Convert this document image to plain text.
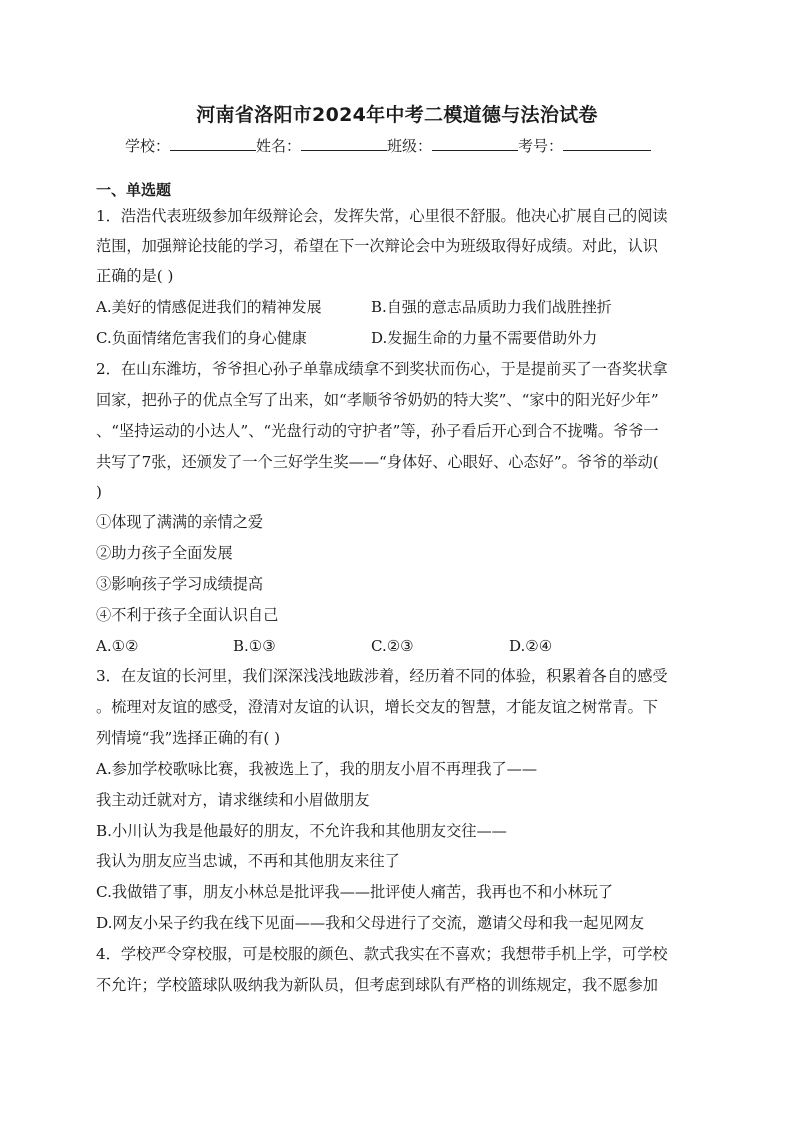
河南省洛阳市2024年中考二模道德与法治试卷
学校：	姓名：	班级：	考号：
一、单选题
1．浩浩代表班级参加年级辩论会，发挥失常，心里很不舒服。他决心扩展自己的阅读
范围，加强辩论技能的学习，希望在下一次辩论会中为班级取得好成绩。对此，认识
正确的是( )
A.美好的情感促进我们的精神发展	B.自强的意志品质助力我们战胜挫折
C.负面情绪危害我们的身心健康	D.发掘生命的力量不需要借助外力
2．在山东潍坊，爷爷担心孙子单靠成绩拿不到奖状而伤心，于是提前买了一沓奖状拿
回家，把孙子的优点全写了出来，如“孝顺爷爷奶奶的特大奖”、“家中的阳光好少年”
、“坚持运动的小达人”、“光盘行动的守护者”等，孙子看后开心到合不拢嘴。爷爷一
共写了7张，还颁发了一个三好学生奖——“身体好、心眼好、心态好”。爷爷的举动(
)
①体现了满满的亲情之爱
②助力孩子全面发展
③影响孩子学习成绩提高
④不利于孩子全面认识自己
A.①②	B.①③	C.②③	D.②④
3．在友谊的长河里，我们深深浅浅地跋涉着，经历着不同的体验，积累着各自的感受
。梳理对友谊的感受，澄清对友谊的认识，增长交友的智慧，才能友谊之树常青。下
列情境“我”选择正确的有( )
A.参加学校歌咏比赛，我被选上了，我的朋友小眉不再理我了——
我主动迁就对方，请求继续和小眉做朋友
B.小川认为我是他最好的朋友，不允许我和其他朋友交往——
我认为朋友应当忠诚，不再和其他朋友来往了
C.我做错了事，朋友小林总是批评我——批评使人痛苦，我再也不和小林玩了
D.网友小呆子约我在线下见面——我和父母进行了交流，邀请父母和我一起见网友
4．学校严令穿校服，可是校服的颜色、款式我实在不喜欢；我想带手机上学，可学校
不允许；学校篮球队吸纳我为新队员，但考虑到球队有严格的训练规定，我不愿参加
